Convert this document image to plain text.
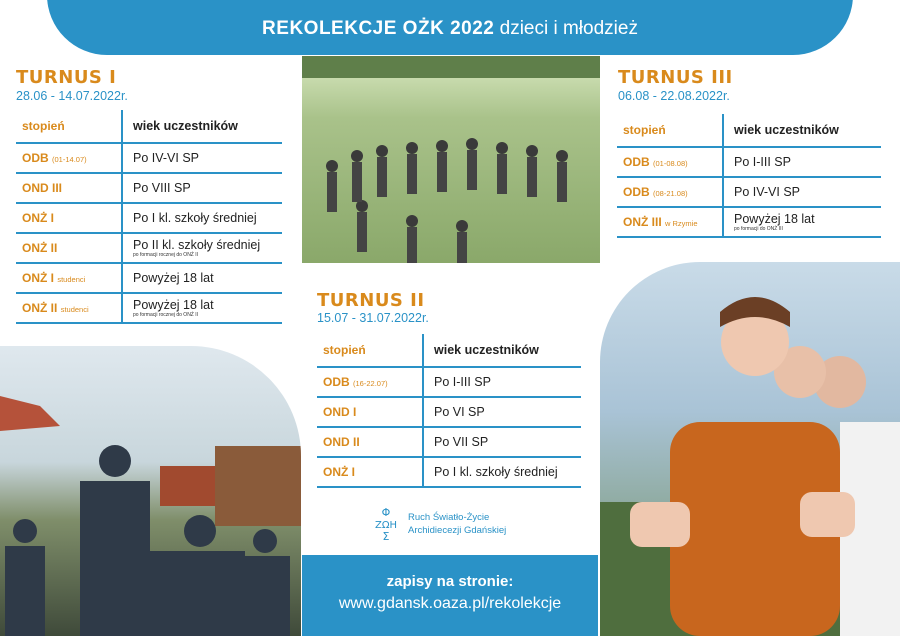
REKOLEKCJE OŻK 2022 dzieci i młodzież
TURNUS I
28.06 - 14.07.2022r.
stopień	wiek uczestników
ODB (01-14.07)	Po IV-VI SP
OND III	Po VIII SP
ONŻ I	Po I kl. szkoły średniej
ONŻ II	Po II kl. szkoły średniej
po formacji rocznej do ONŻ II

ONŻ I studenci	Powyżej 18 lat
ONŻ II studenci	Powyżej 18 lat
po formacji rocznej do ONŻ II
TURNUS III
06.08 - 22.08.2022r.
stopień	wiek uczestników
ODB (01-08.08)	Po I-III SP
ODB (08-21.08)	Po IV-VI SP
ONŻ III w Rzymie	Powyżej 18 lat
po formacji do ONŻ III
TURNUS II
15.07 - 31.07.2022r.
stopień	wiek uczestników
ODB (16-22.07)	Po I-III SP
OND I	Po VI SP
OND II	Po VII SP
ONŻ I	Po I kl. szkoły średniej
Φ
ΖΩΗ
Σ
Ruch Światło-Życie
Archidiecezji Gdańskiej
zapisy na stronie:
www.gdansk.oaza.pl/rekolekcje
